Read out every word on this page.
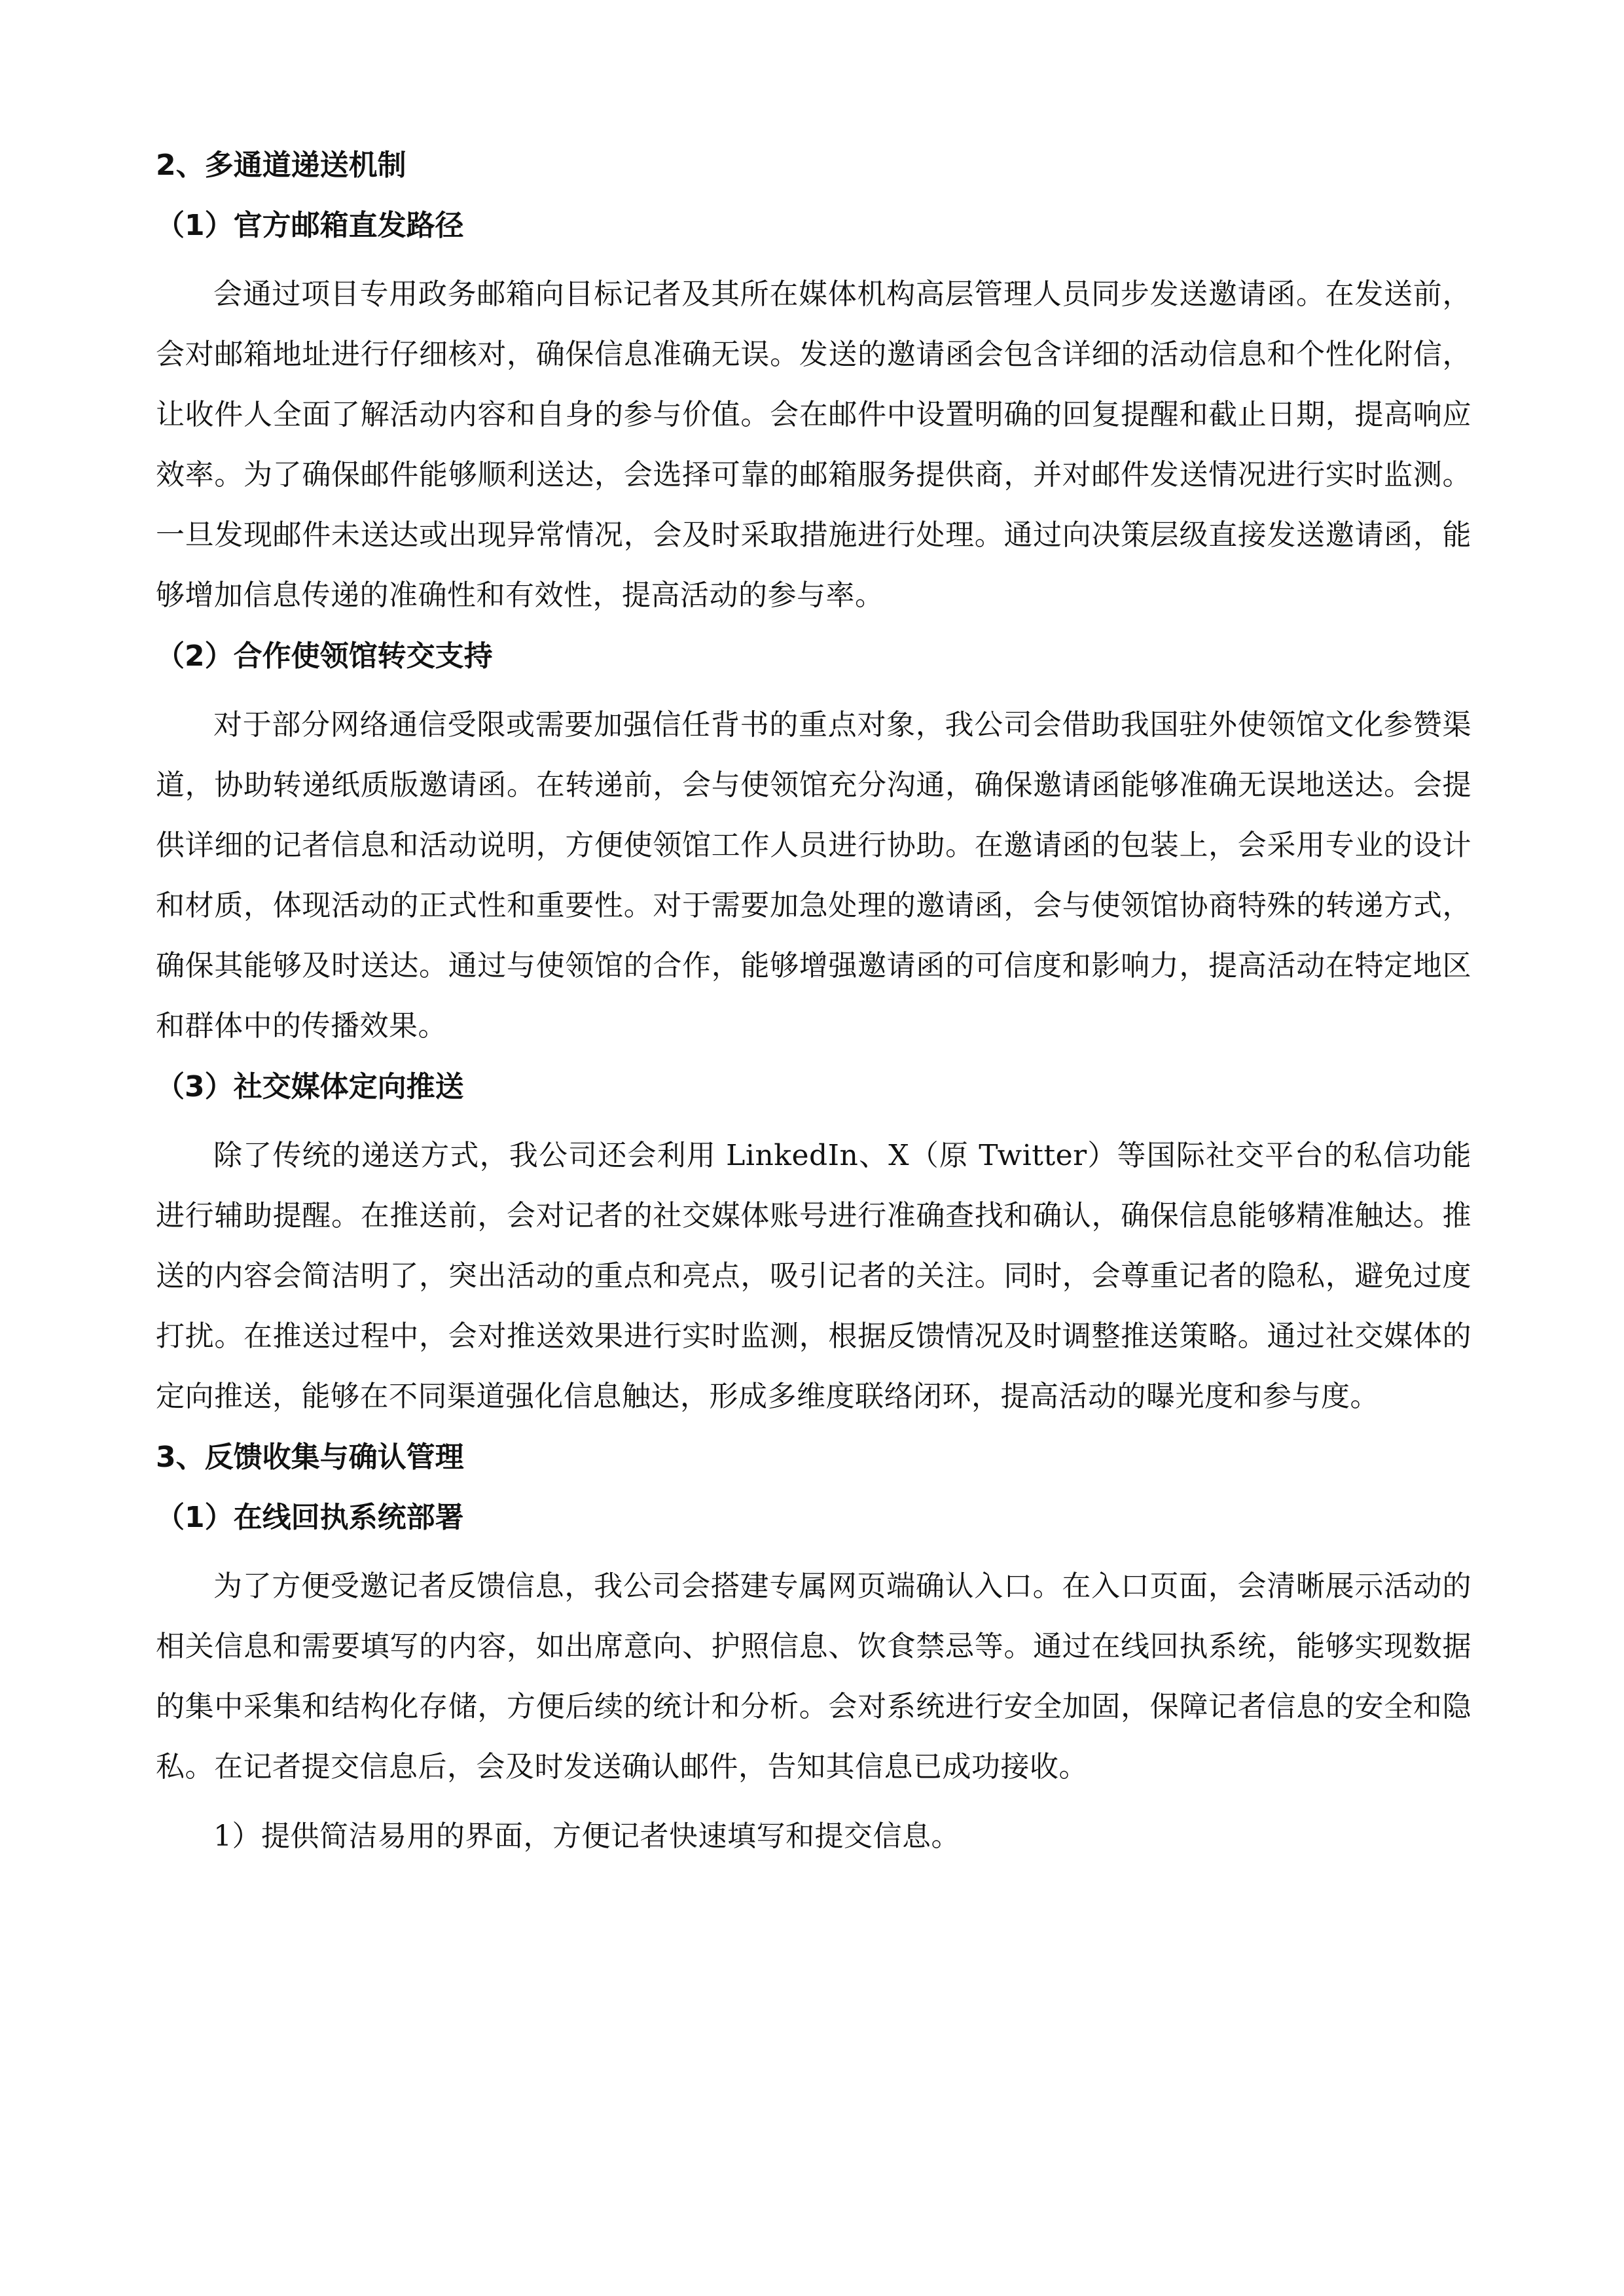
2、多通道递送机制
（1）官方邮箱直发路径

会通过项目专用政务邮箱向目标记者及其所在媒体机构高层管理人员同步发送邀请函。在发送前，会对邮箱地址进行仔细核对，确保信息准确无误。发送的邀请函会包含详细的活动信息和个性化附信，让收件人全面了解活动内容和自身的参与价值。会在邮件中设置明确的回复提醒和截止日期，提高响应效率。为了确保邮件能够顺利送达，会选择可靠的邮箱服务提供商，并对邮件发送情况进行实时监测。一旦发现邮件未送达或出现异常情况，会及时采取措施进行处理。通过向决策层级直接发送邀请函，能够增加信息传递的准确性和有效性，提高活动的参与率。

（2）合作使领馆转交支持

对于部分网络通信受限或需要加强信任背书的重点对象，我公司会借助我国驻外使领馆文化参赞渠道，协助转递纸质版邀请函。在转递前，会与使领馆充分沟通，确保邀请函能够准确无误地送达。会提供详细的记者信息和活动说明，方便使领馆工作人员进行协助。在邀请函的包装上，会采用专业的设计和材质，体现活动的正式性和重要性。对于需要加急处理的邀请函，会与使领馆协商特殊的转递方式，确保其能够及时送达。通过与使领馆的合作，能够增强邀请函的可信度和影响力，提高活动在特定地区和群体中的传播效果。

（3）社交媒体定向推送

除了传统的递送方式，我公司还会利用 LinkedIn、X（原 Twitter）等国际社交平台的私信功能进行辅助提醒。在推送前，会对记者的社交媒体账号进行准确查找和确认，确保信息能够精准触达。推送的内容会简洁明了，突出活动的重点和亮点，吸引记者的关注。同时，会尊重记者的隐私，避免过度打扰。在推送过程中，会对推送效果进行实时监测，根据反馈情况及时调整推送策略。通过社交媒体的定向推送，能够在不同渠道强化信息触达，形成多维度联络闭环，提高活动的曝光度和参与度。

3、反馈收集与确认管理
（1）在线回执系统部署

为了方便受邀记者反馈信息，我公司会搭建专属网页端确认入口。在入口页面，会清晰展示活动的相关信息和需要填写的内容，如出席意向、护照信息、饮食禁忌等。通过在线回执系统，能够实现数据的集中采集和结构化存储，方便后续的统计和分析。会对系统进行安全加固，保障记者信息的安全和隐私。在记者提交信息后，会及时发送确认邮件，告知其信息已成功接收。

1）提供简洁易用的界面，方便记者快速填写和提交信息。
